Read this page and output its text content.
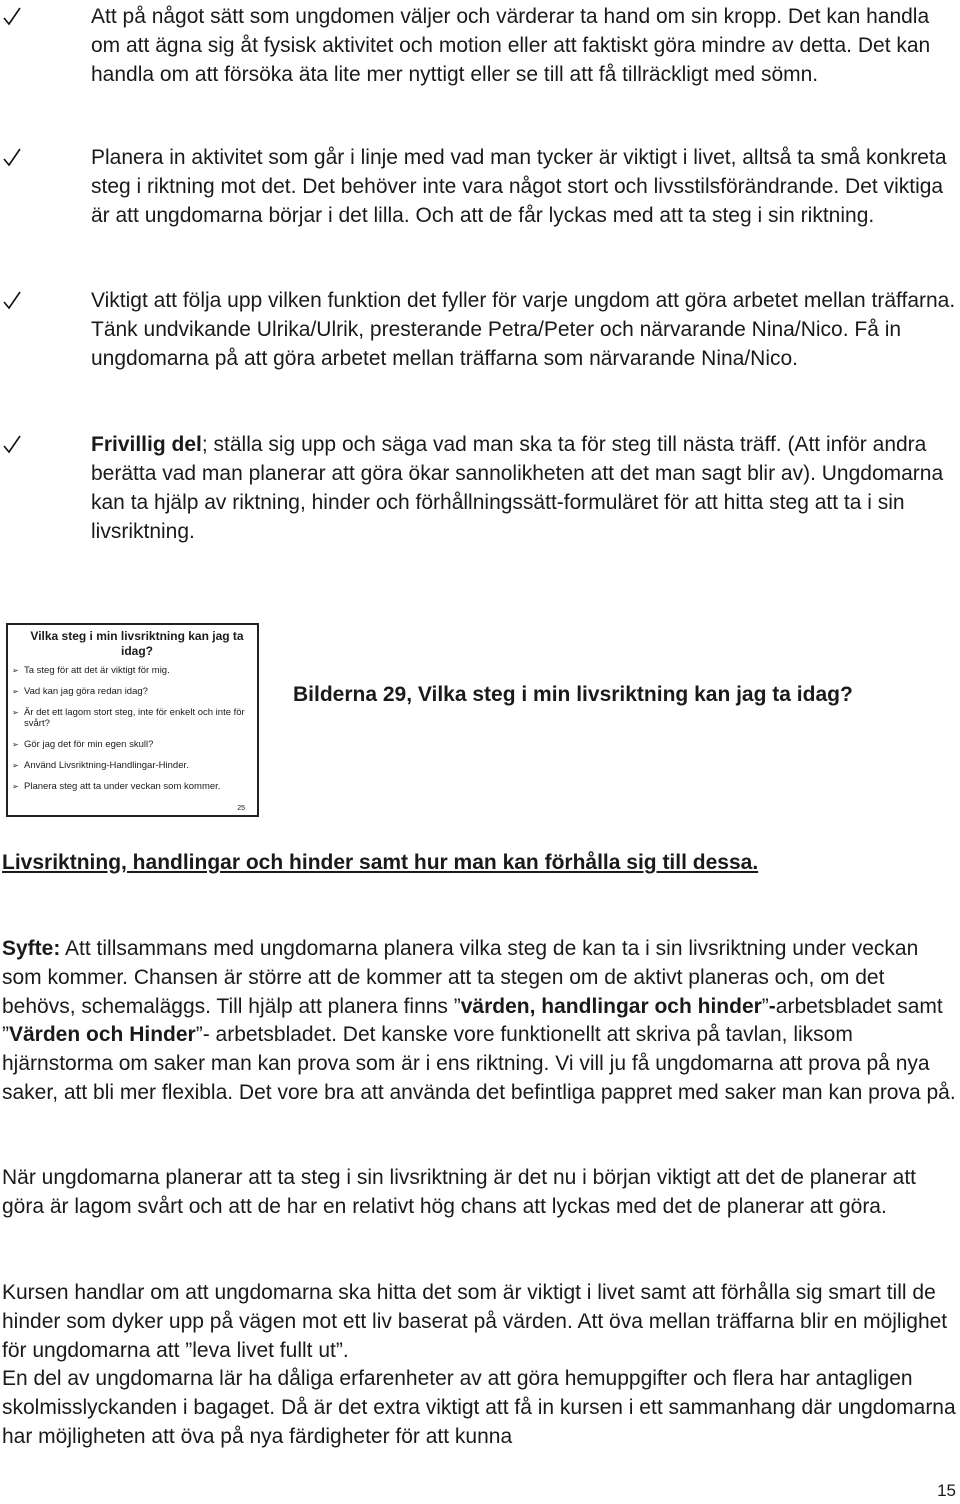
Att på något sätt som ungdomen väljer och värderar ta hand om sin kropp. Det kan handla om att ägna sig åt fysisk aktivitet och motion eller att faktiskt göra mindre av detta. Det kan handla om att försöka äta lite mer nyttigt eller se till att få tillräckligt med sömn.

Planera in aktivitet som går i linje med vad man tycker är viktigt i livet, alltså ta små konkreta steg i riktning mot det. Det behöver inte vara något stort och livsstilsförändrande. Det viktiga är att ungdomarna börjar i det lilla. Och att de får lyckas med att ta steg i sin riktning.

Viktigt att följa upp vilken funktion det fyller för varje ungdom att göra arbetet mellan träffarna. Tänk undvikande Ulrika/Ulrik, presterande Petra/Peter och närvarande Nina/Nico. Få in ungdomarna på att göra arbetet mellan träffarna som närvarande Nina/Nico.

Frivillig del; ställa sig upp och säga vad man ska ta för steg till nästa träff. (Att inför andra berätta vad man planerar att göra ökar sannolikheten att det man sagt blir av). Ungdomarna kan ta hjälp av riktning, hinder och förhållningssätt-formuläret för att hitta steg att ta i sin livsriktning.

Vilka steg i min livsriktning kan jag ta idag?

➢ Ta steg för att det är viktigt för mig.
➢ Vad kan jag göra redan idag?
➢ Är det ett lagom stort steg, inte för enkelt och inte för svårt?
➢ Gör jag det för min egen skull?
➢ Använd Livsriktning-Handlingar-Hinder.
➢ Planera steg att ta under veckan som kommer.
25

Bilderna 29, Vilka steg i min livsriktning kan jag ta idag?

Livsriktning, handlingar och hinder samt hur man kan förhålla sig till dessa.

Syfte: Att tillsammans med ungdomarna planera vilka steg de kan ta i sin livsriktning under veckan som kommer. Chansen är större att de kommer att ta stegen om de aktivt planeras och, om det behövs, schemaläggs. Till hjälp att planera finns ”värden, handlingar och hinder”-arbetsbladet samt ”Värden och Hinder”- arbetsbladet. Det kanske vore funktionellt att skriva på tavlan, liksom hjärnstorma om saker man kan prova som är i ens riktning. Vi vill ju få ungdomarna att prova på nya saker, att bli mer flexibla. Det vore bra att använda det befintliga pappret med saker man kan prova på.

När ungdomarna planerar att ta steg i sin livsriktning är det nu i början viktigt att det de planerar att göra är lagom svårt och att de har en relativt hög chans att lyckas med det de planerar att göra.

Kursen handlar om att ungdomarna ska hitta det som är viktigt i livet samt att förhålla sig smart till de hinder som dyker upp på vägen mot ett liv baserat på värden. Att öva mellan träffarna blir en möjlighet för ungdomarna att ”leva livet fullt ut”.
En del av ungdomarna lär ha dåliga erfarenheter av att göra hemuppgifter och flera har antagligen skolmisslyckanden i bagaget. Då är det extra viktigt att få in kursen i ett sammanhang där ungdomarna har möjligheten att öva på nya färdigheter för att kunna

15
